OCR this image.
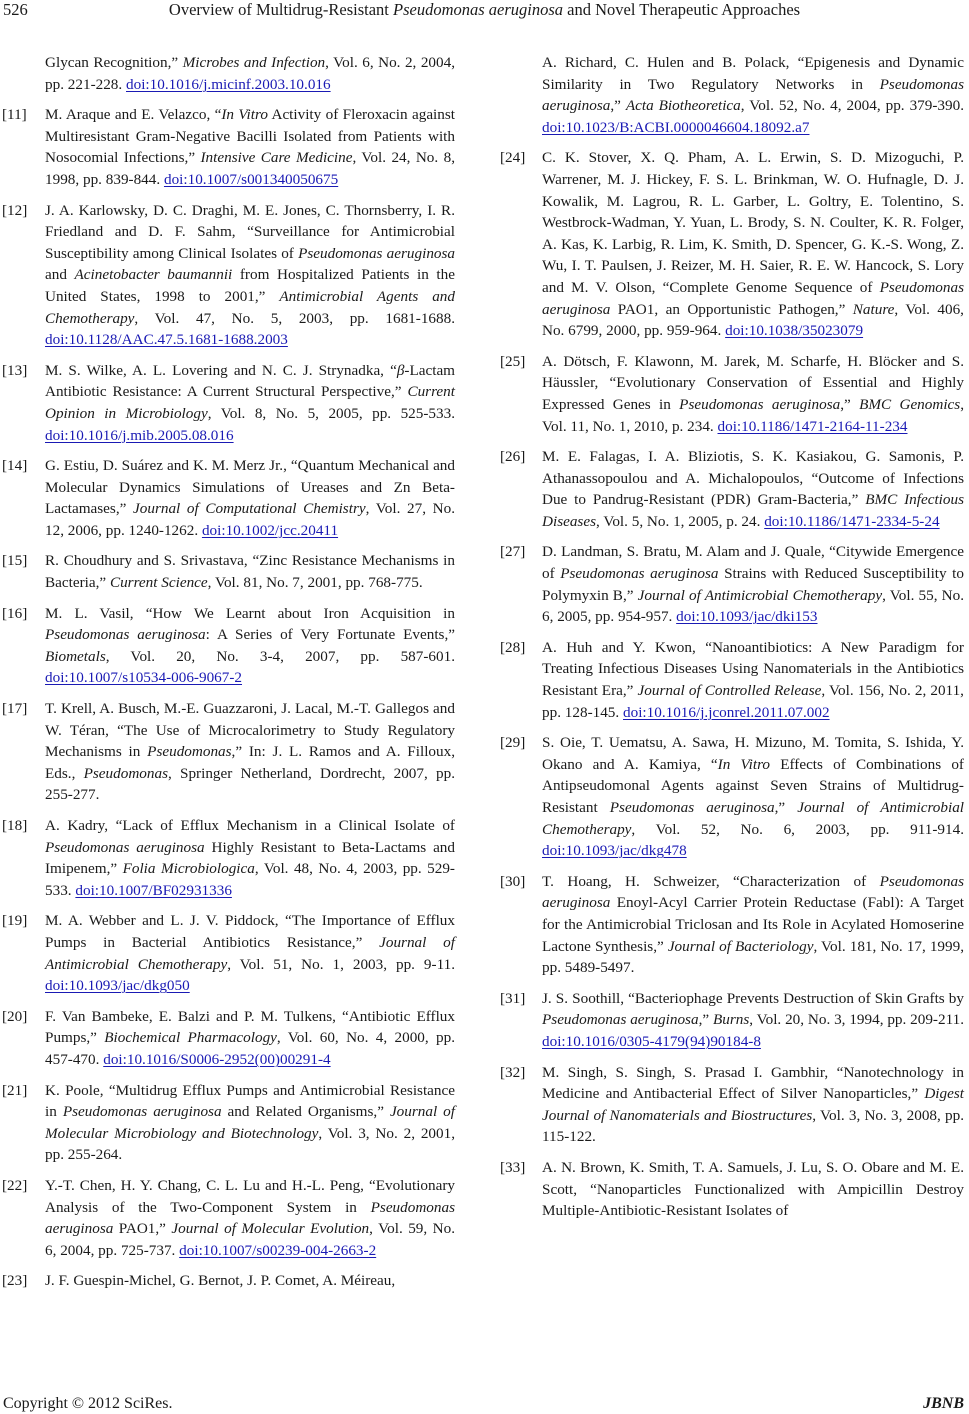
526	Overview of Multidrug-Resistant Pseudomonas aeruginosa and Novel Therapeutic Approaches
Glycan Recognition,” Microbes and Infection, Vol. 6, No. 2, 2004, pp. 221-228. doi:10.1016/j.micinf.2003.10.016
[11] M. Araque and E. Velazco, “In Vitro Activity of Fleroxacin against Multiresistant Gram-Negative Bacilli Isolated from Patients with Nosocomial Infections,” Intensive Care Medicine, Vol. 24, No. 8, 1998, pp. 839-844. doi:10.1007/s001340050675
[12] J. A. Karlowsky, D. C. Draghi, M. E. Jones, C. Thornsberry, I. R. Friedland and D. F. Sahm, “Surveillance for Antimicrobial Susceptibility among Clinical Isolates of Pseudomonas aeruginosa and Acinetobacter baumannii from Hospitalized Patients in the United States, 1998 to 2001,” Antimicrobial Agents and Chemotherapy, Vol. 47, No. 5, 2003, pp. 1681-1688. doi:10.1128/AAC.47.5.1681-1688.2003
[13] M. S. Wilke, A. L. Lovering and N. C. J. Strynadka, “β-Lactam Antibiotic Resistance: A Current Structural Perspective,” Current Opinion in Microbiology, Vol. 8, No. 5, 2005, pp. 525-533. doi:10.1016/j.mib.2005.08.016
[14] G. Estiu, D. Suárez and K. M. Merz Jr., “Quantum Mechanical and Molecular Dynamics Simulations of Ureases and Zn Beta-Lactamases,” Journal of Computational Chemistry, Vol. 27, No. 12, 2006, pp. 1240-1262. doi:10.1002/jcc.20411
[15] R. Choudhury and S. Srivastava, “Zinc Resistance Mechanisms in Bacteria,” Current Science, Vol. 81, No. 7, 2001, pp. 768-775.
[16] M. L. Vasil, “How We Learnt about Iron Acquisition in Pseudomonas aeruginosa: A Series of Very Fortunate Events,” Biometals, Vol. 20, No. 3-4, 2007, pp. 587-601. doi:10.1007/s10534-006-9067-2
[17] T. Krell, A. Busch, M.-E. Guazzaroni, J. Lacal, M.-T. Gallegos and W. Téran, “The Use of Microcalorimetry to Study Regulatory Mechanisms in Pseudomonas,” In: J. L. Ramos and A. Filloux, Eds., Pseudomonas, Springer Netherland, Dordrecht, 2007, pp. 255-277.
[18] A. Kadry, “Lack of Efflux Mechanism in a Clinical Isolate of Pseudomonas aeruginosa Highly Resistant to Beta-Lactams and Imipenem,” Folia Microbiologica, Vol. 48, No. 4, 2003, pp. 529-533. doi:10.1007/BF02931336
[19] M. A. Webber and L. J. V. Piddock, “The Importance of Efflux Pumps in Bacterial Antibiotics Resistance,” Journal of Antimicrobial Chemotherapy, Vol. 51, No. 1, 2003, pp. 9-11. doi:10.1093/jac/dkg050
[20] F. Van Bambeke, E. Balzi and P. M. Tulkens, “Antibiotic Efflux Pumps,” Biochemical Pharmacology, Vol. 60, No. 4, 2000, pp. 457-470. doi:10.1016/S0006-2952(00)00291-4
[21] K. Poole, “Multidrug Efflux Pumps and Antimicrobial Resistance in Pseudomonas aeruginosa and Related Organisms,” Journal of Molecular Microbiology and Biotechnology, Vol. 3, No. 2, 2001, pp. 255-264.
[22] Y.-T. Chen, H. Y. Chang, C. L. Lu and H.-L. Peng, “Evolutionary Analysis of the Two-Component System in Pseudomonas aeruginosa PAO1,” Journal of Molecular Evolution, Vol. 59, No. 6, 2004, pp. 725-737. doi:10.1007/s00239-004-2663-2
[23] J. F. Guespin-Michel, G. Bernot, J. P. Comet, A. Méireau,
A. Richard, C. Hulen and B. Polack, “Epigenesis and Dynamic Similarity in Two Regulatory Networks in Pseudomonas aeruginosa,” Acta Biotheoretica, Vol. 52, No. 4, 2004, pp. 379-390. doi:10.1023/B:ACBI.0000046604.18092.a7
[24] C. K. Stover, X. Q. Pham, A. L. Erwin, S. D. Mizoguchi, P. Warrener, M. J. Hickey, F. S. L. Brinkman, W. O. Hufnagle, D. J. Kowalik, M. Lagrou, R. L. Garber, L. Goltry, E. Tolentino, S. Westbrock-Wadman, Y. Yuan, L. Brody, S. N. Coulter, K. R. Folger, A. Kas, K. Larbig, R. Lim, K. Smith, D. Spencer, G. K.-S. Wong, Z. Wu, I. T. Paulsen, J. Reizer, M. H. Saier, R. E. W. Hancock, S. Lory and M. V. Olson, “Complete Genome Sequence of Pseudomonas aeruginosa PAO1, an Opportunistic Pathogen,” Nature, Vol. 406, No. 6799, 2000, pp. 959-964. doi:10.1038/35023079
[25] A. Dötsch, F. Klawonn, M. Jarek, M. Scharfe, H. Blöcker and S. Häussler, “Evolutionary Conservation of Essential and Highly Expressed Genes in Pseudomonas aeruginosa,” BMC Genomics, Vol. 11, No. 1, 2010, p. 234. doi:10.1186/1471-2164-11-234
[26] M. E. Falagas, I. A. Bliziotis, S. K. Kasiakou, G. Samonis, P. Athanassopoulou and A. Michalopoulos, “Outcome of Infections Due to Pandrug-Resistant (PDR) Gram-Bacteria,” BMC Infectious Diseases, Vol. 5, No. 1, 2005, p. 24. doi:10.1186/1471-2334-5-24
[27] D. Landman, S. Bratu, M. Alam and J. Quale, “Citywide Emergence of Pseudomonas aeruginosa Strains with Reduced Susceptibility to Polymyxin B,” Journal of Antimicrobial Chemotherapy, Vol. 55, No. 6, 2005, pp. 954-957. doi:10.1093/jac/dki153
[28] A. Huh and Y. Kwon, “Nanoantibiotics: A New Paradigm for Treating Infectious Diseases Using Nanomaterials in the Antibiotics Resistant Era,” Journal of Controlled Release, Vol. 156, No. 2, 2011, pp. 128-145. doi:10.1016/j.jconrel.2011.07.002
[29] S. Oie, T. Uematsu, A. Sawa, H. Mizuno, M. Tomita, S. Ishida, Y. Okano and A. Kamiya, “In Vitro Effects of Combinations of Antipseudomonal Agents against Seven Strains of Multidrug-Resistant Pseudomonas aeruginosa,” Journal of Antimicrobial Chemotherapy, Vol. 52, No. 6, 2003, pp. 911-914. doi:10.1093/jac/dkg478
[30] T. Hoang, H. Schweizer, “Characterization of Pseudomonas aeruginosa Enoyl-Acyl Carrier Protein Reductase (Fabl): A Target for the Antimicrobial Triclosan and Its Role in Acylated Homoserine Lactone Synthesis,” Journal of Bacteriology, Vol. 181, No. 17, 1999, pp. 5489-5497.
[31] J. S. Soothill, “Bacteriophage Prevents Destruction of Skin Grafts by Pseudomonas aeruginosa,” Burns, Vol. 20, No. 3, 1994, pp. 209-211. doi:10.1016/0305-4179(94)90184-8
[32] M. Singh, S. Singh, S. Prasad I. Gambhir, “Nanotechnology in Medicine and Antibacterial Effect of Silver Nanoparticles,” Digest Journal of Nanomaterials and Biostructures, Vol. 3, No. 3, 2008, pp. 115-122.
[33] A. N. Brown, K. Smith, T. A. Samuels, J. Lu, S. O. Obare and M. E. Scott, “Nanoparticles Functionalized with Ampicillin Destroy Multiple-Antibiotic-Resistant Isolates of
Copyright © 2012 SciRes.	JBNB
